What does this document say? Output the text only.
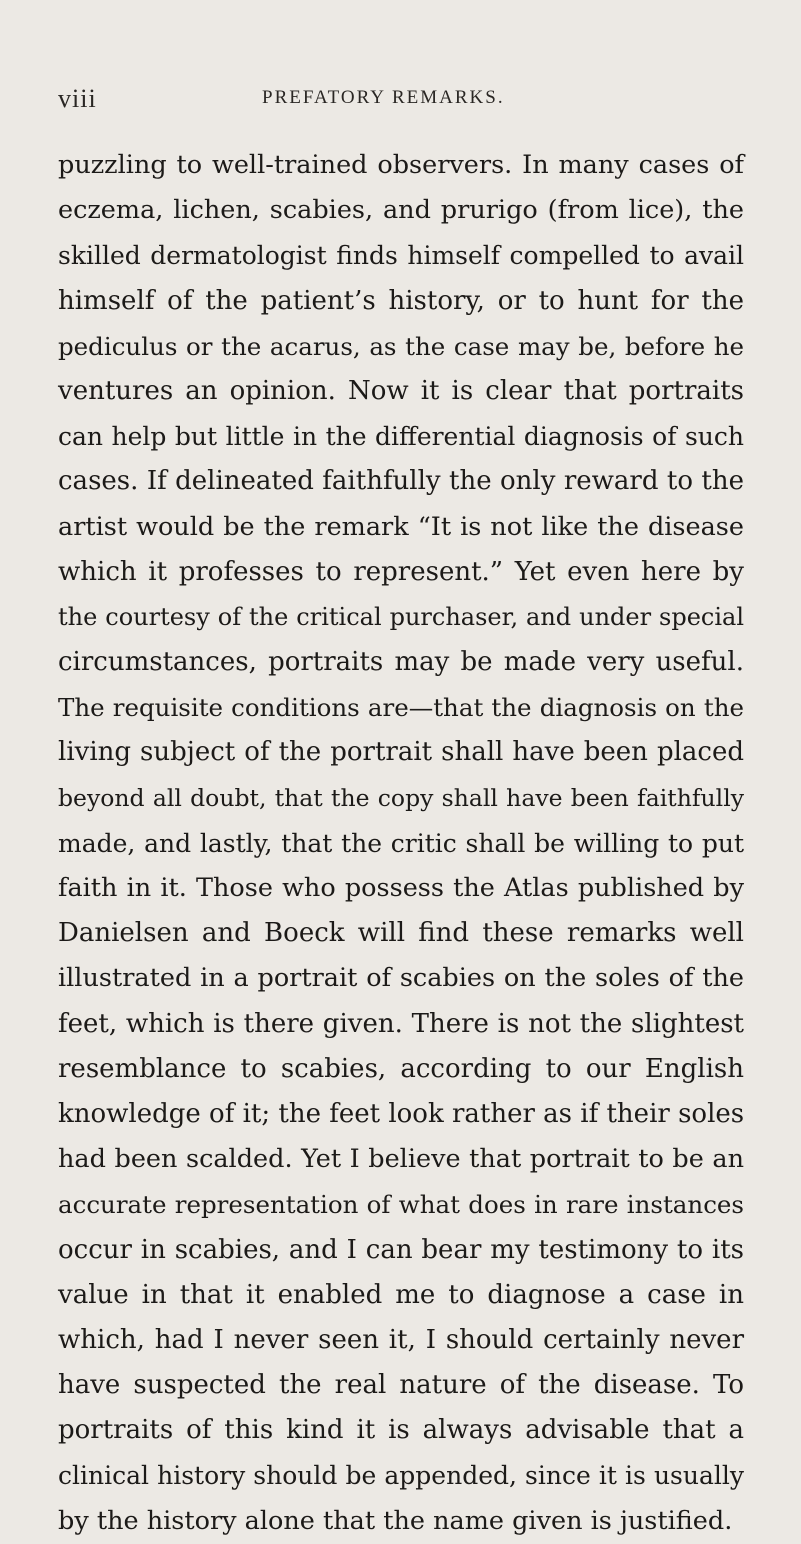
viii	PREFATORY REMARKS.
puzzling to well-trained observers. In many cases of
eczema, lichen, scabies, and prurigo (from lice), the
skilled dermatologist finds himself compelled to avail
himself of the patient’s history, or to hunt for the
pediculus or the acarus, as the case may be, before he
ventures an opinion. Now it is clear that portraits
can help but little in the differential diagnosis of such
cases. If delineated faithfully the only reward to the
artist would be the remark “It is not like the disease
which it professes to represent.” Yet even here by
the courtesy of the critical purchaser, and under special
circumstances, portraits may be made very useful.
The requisite conditions are—that the diagnosis on the
living subject of the portrait shall have been placed
beyond all doubt, that the copy shall have been faithfully
made, and lastly, that the critic shall be willing to put
faith in it. Those who possess the Atlas published by
Danielsen and Boeck will find these remarks well
illustrated in a portrait of scabies on the soles of the
feet, which is there given. There is not the slightest
resemblance to scabies, according to our English
knowledge of it; the feet look rather as if their soles
had been scalded. Yet I believe that portrait to be an
accurate representation of what does in rare instances
occur in scabies, and I can bear my testimony to its
value in that it enabled me to diagnose a case in
which, had I never seen it, I should certainly never
have suspected the real nature of the disease. To
portraits of this kind it is always advisable that a
clinical history should be appended, since it is usually
by the history alone that the name given is justified.
